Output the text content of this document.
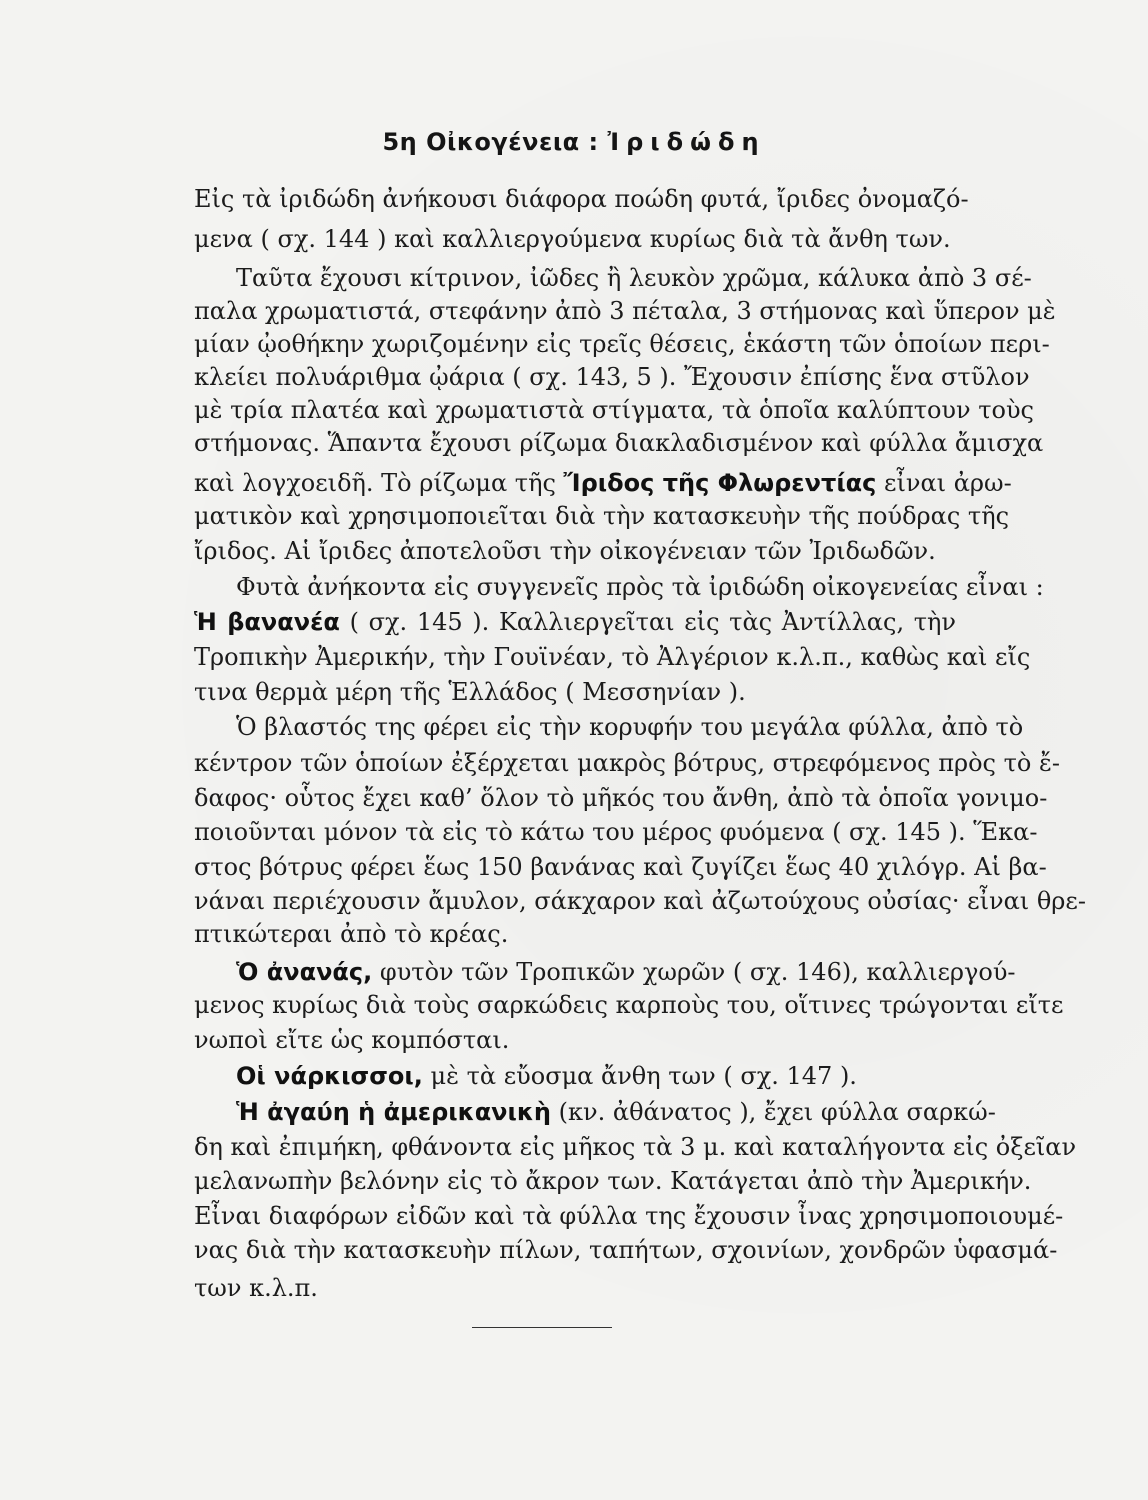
5η Οἰκογένεια : Ἰριδώδη
Εἰς τὰ ἰριδώδη ἀνήκουσι διάφορα ποώδη φυτά, ἴριδες ὀνομαζό-
μενα ( σχ. 144 ) καὶ καλλιεργούμενα κυρίως διὰ τὰ ἄνθη των.
Ταῦτα ἔχουσι κίτρινον, ἰῶδες ἢ λευκὸν χρῶμα, κάλυκα ἀπὸ 3 σέ-
παλα χρωματιστά, στεφάνην ἀπὸ 3 πέταλα, 3 στήμονας καὶ ὕπερον μὲ
μίαν ᾠοθήκην χωριζομένην εἰς τρεῖς θέσεις, ἑκάστη τῶν ὁποίων περι-
κλείει πολυάριθμα ᾠάρια ( σχ. 143, 5 ). Ἔχουσιν ἐπίσης ἕνα στῦλον
μὲ τρία πλατέα καὶ χρωματιστὰ στίγματα, τὰ ὁποῖα καλύπτουν τοὺς
στήμονας. Ἅπαντα ἔχουσι ρίζωμα διακλαδισμένον καὶ φύλλα ἄμισχα
καὶ λογχοειδῆ. Τὸ ρίζωμα τῆς Ἴριδος τῆς Φλωρεντίας εἶναι ἀρω-
ματικὸν καὶ χρησιμοποιεῖται διὰ τὴν κατασκευὴν τῆς πούδρας τῆς
ἴριδος. Αἱ ἴριδες ἀποτελοῦσι τὴν οἰκογένειαν τῶν Ἰριδωδῶν.
Φυτὰ ἀνήκοντα εἰς συγγενεῖς πρὸς τὰ ἰριδώδη οἰκογενείας εἶναι :
Ἡ βανανέα ( σχ. 145 ). Καλλιεργεῖται εἰς τὰς Ἀντίλλας, τὴν
Τροπικὴν Ἀμερικήν, τὴν Γουϊνέαν, τὸ Ἀλγέριον κ.λ.π., καθὼς καὶ εἴς
τινα θερμὰ μέρη τῆς Ἑλλάδος ( Μεσσηνίαν ).
Ὁ βλαστός της φέρει εἰς τὴν κορυφήν του μεγάλα φύλλα, ἀπὸ τὸ
κέντρον τῶν ὁποίων ἐξέρχεται μακρὸς βότρυς, στρεφόμενος πρὸς τὸ ἔ-
δαφος· οὗτος ἔχει καθ’ ὅλον τὸ μῆκός του ἄνθη, ἀπὸ τὰ ὁποῖα γονιμο-
ποιοῦνται μόνον τὰ εἰς τὸ κάτω του μέρος φυόμενα ( σχ. 145 ). Ἕκα-
στος βότρυς φέρει ἕως 150 βανάνας καὶ ζυγίζει ἕως 40 χιλόγρ. Αἱ βα-
νάναι περιέχουσιν ἄμυλον, σάκχαρον καὶ ἀζωτούχους οὐσίας· εἶναι θρε-
πτικώτεραι ἀπὸ τὸ κρέας.
Ὁ ἀνανάς, φυτὸν τῶν Τροπικῶν χωρῶν ( σχ. 146), καλλιεργού-
μενος κυρίως διὰ τοὺς σαρκώδεις καρποὺς του, οἵτινες τρώγονται εἴτε
νωποὶ εἴτε ὡς κομπόσται.
Οἱ νάρκισσοι, μὲ τὰ εὔοσμα ἄνθη των ( σχ. 147 ).
Ἡ ἀγαύη ἡ ἀμερικανικὴ (κν. ἀθάνατος ), ἔχει φύλλα σαρκώ-
δη καὶ ἐπιμήκη, φθάνοντα εἰς μῆκος τὰ 3 μ. καὶ καταλήγοντα εἰς ὀξεῖαν
μελανωπὴν βελόνην εἰς τὸ ἄκρον των. Κατάγεται ἀπὸ τὴν Ἀμερικήν.
Εἶναι διαφόρων εἰδῶν καὶ τὰ φύλλα της ἔχουσιν ἶνας χρησιμοποιουμέ-
νας διὰ τὴν κατασκευὴν πίλων, ταπήτων, σχοινίων, χονδρῶν ὑφασμά-
των κ.λ.π.
